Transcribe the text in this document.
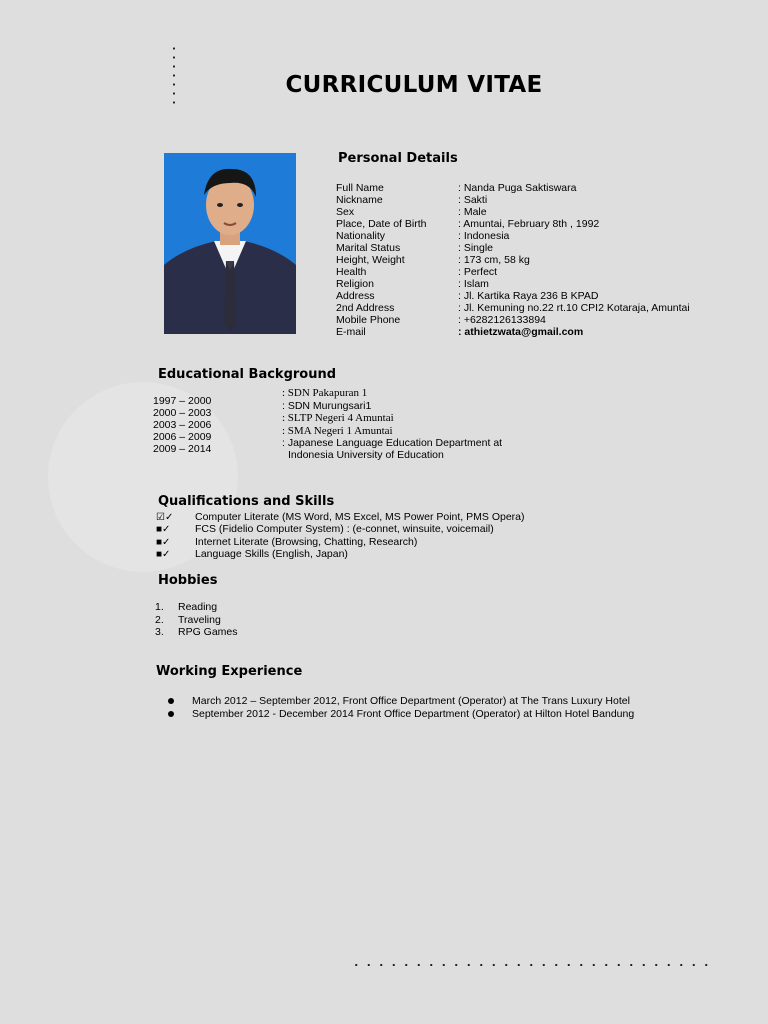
CURRICULUM VITAE
Personal Details
Full Name
Nickname
Sex
Place, Date of Birth
Nationality
Marital Status
Height, Weight
Health
Religion
Address
2nd Address
Mobile Phone
E-mail
: Nanda Puga Saktiswara
: Sakti
: Male
: Amuntai, February 8th , 1992
: Indonesia
: Single
: 173 cm, 58 kg
: Perfect
: Islam
: Jl. Kartika Raya 236 B KPAD
: Jl. Kemuning no.22 rt.10 CPI2 Kotaraja, Amuntai
: +6282126133894
: athietzwata@gmail.com
Educational Background
1997 – 2000
2000 – 2003
2003 – 2006
2006 – 2009
2009 – 2014
: SDN Pakapuran 1
: SDN Murungsari1
: SLTP Negeri 4 Amuntai
: SMA Negeri 1 Amuntai
: Japanese Language Education Department at
Indonesia University of Education
Qualifications and Skills
☑✓ Computer Literate (MS Word, MS Excel, MS Power Point, PMS Opera)
■✓ FCS (Fidelio Computer System) : (e-connet, winsuite, voicemail)
■✓ Internet Literate (Browsing, Chatting, Research)
■✓ Language Skills (English, Japan)
Hobbies
1. Reading
2. Traveling
3. RPG Games
Working Experience
March 2012 – September 2012, Front Office Department (Operator) at The Trans Luxury Hotel
September 2012 - December 2014 Front Office Department (Operator) at Hilton Hotel Bandung
